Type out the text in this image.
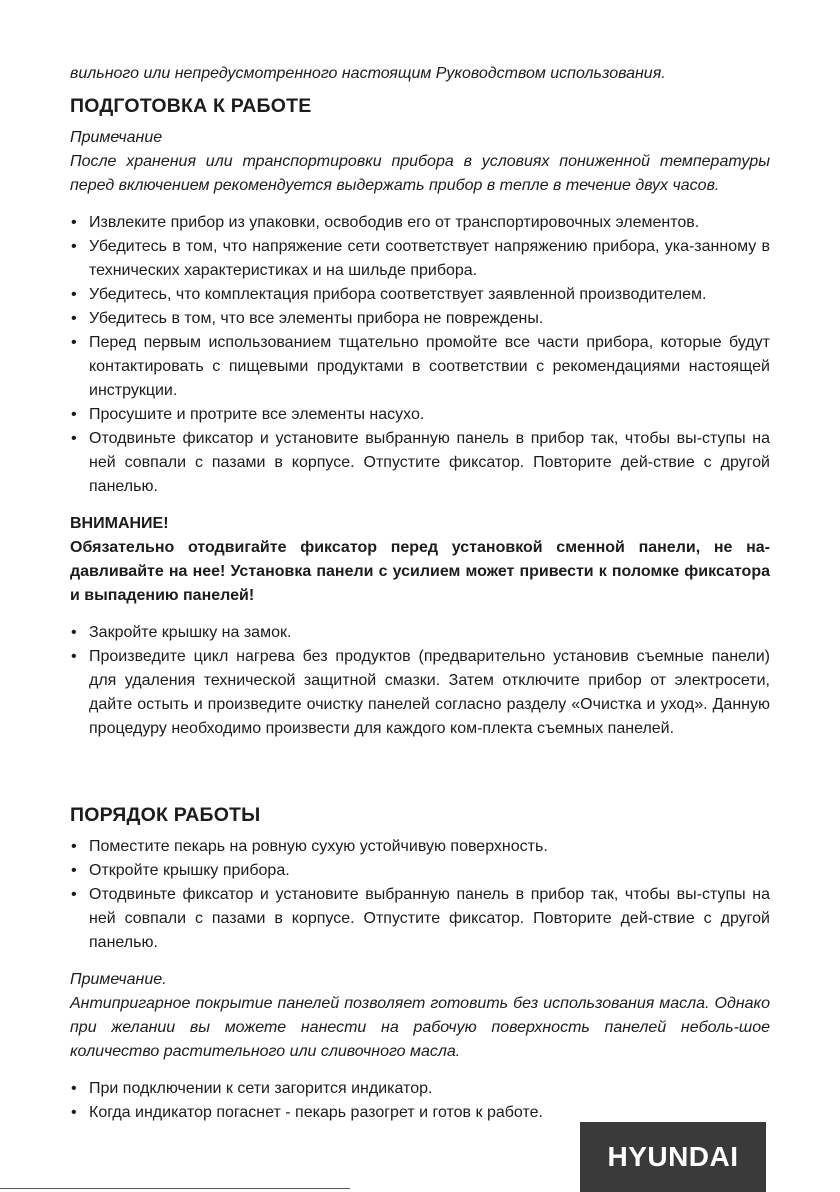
вильного или непредусмотренного настоящим Руководством использования.

ПОДГОТОВКА К РАБОТЕ

Примечание

После хранения или транспортировки прибора в условиях пониженной температуры перед включением рекомендуется выдержать прибор в тепле в течение двух часов.

• Извлеките прибор из упаковки, освободив его от транспортировочных элементов.
• Убедитесь в том, что напряжение сети соответствует напряжению прибора, ука-занному в технических характеристиках и на шильде прибора.
• Убедитесь, что комплектация прибора соответствует заявленной производителем.
• Убедитесь в том, что все элементы прибора не повреждены.
• Перед первым использованием тщательно промойте все части прибора, которые будут контактировать с пищевыми продуктами в соответствии с рекомендациями настоящей инструкции.
• Просушите и протрите все элементы насухо.
• Отодвиньте фиксатор и установите выбранную панель в прибор так, чтобы вы-ступы на ней совпали с пазами в корпусе. Отпустите фиксатор. Повторите дей-ствие с другой панелью.

ВНИМАНИЕ!

Обязательно отодвигайте фиксатор перед установкой сменной панели, не на-давливайте на нее! Установка панели с усилием может привести к поломке фиксатора и выпадению панелей!

• Закройте крышку на замок.
• Произведите цикл нагрева без продуктов (предварительно установив съемные панели) для удаления технической защитной смазки. Затем отключите прибор от электросети, дайте остыть и произведите очистку панелей согласно разделу «Очистка и уход». Данную процедуру необходимо произвести для каждого ком-плекта съемных панелей.
ПОРЯДОК РАБОТЫ
• Поместите пекарь на ровную сухую устойчивую поверхность.
• Откройте крышку прибора.
• Отодвиньте фиксатор и установите выбранную панель в прибор так, чтобы вы-ступы на ней совпали с пазами в корпусе. Отпустите фиксатор. Повторите дей-ствие с другой панелью.

Примечание.

Антипригарное покрытие панелей позволяет готовить без использования масла. Однако при желании вы можете нанести на рабочую поверхность панелей неболь-шое количество растительного или сливочного масла.

• При подключении к сети загорится индикатор.
• Когда индикатор погаснет - пекарь разогрет и готов к работе.
HYUNDAI
